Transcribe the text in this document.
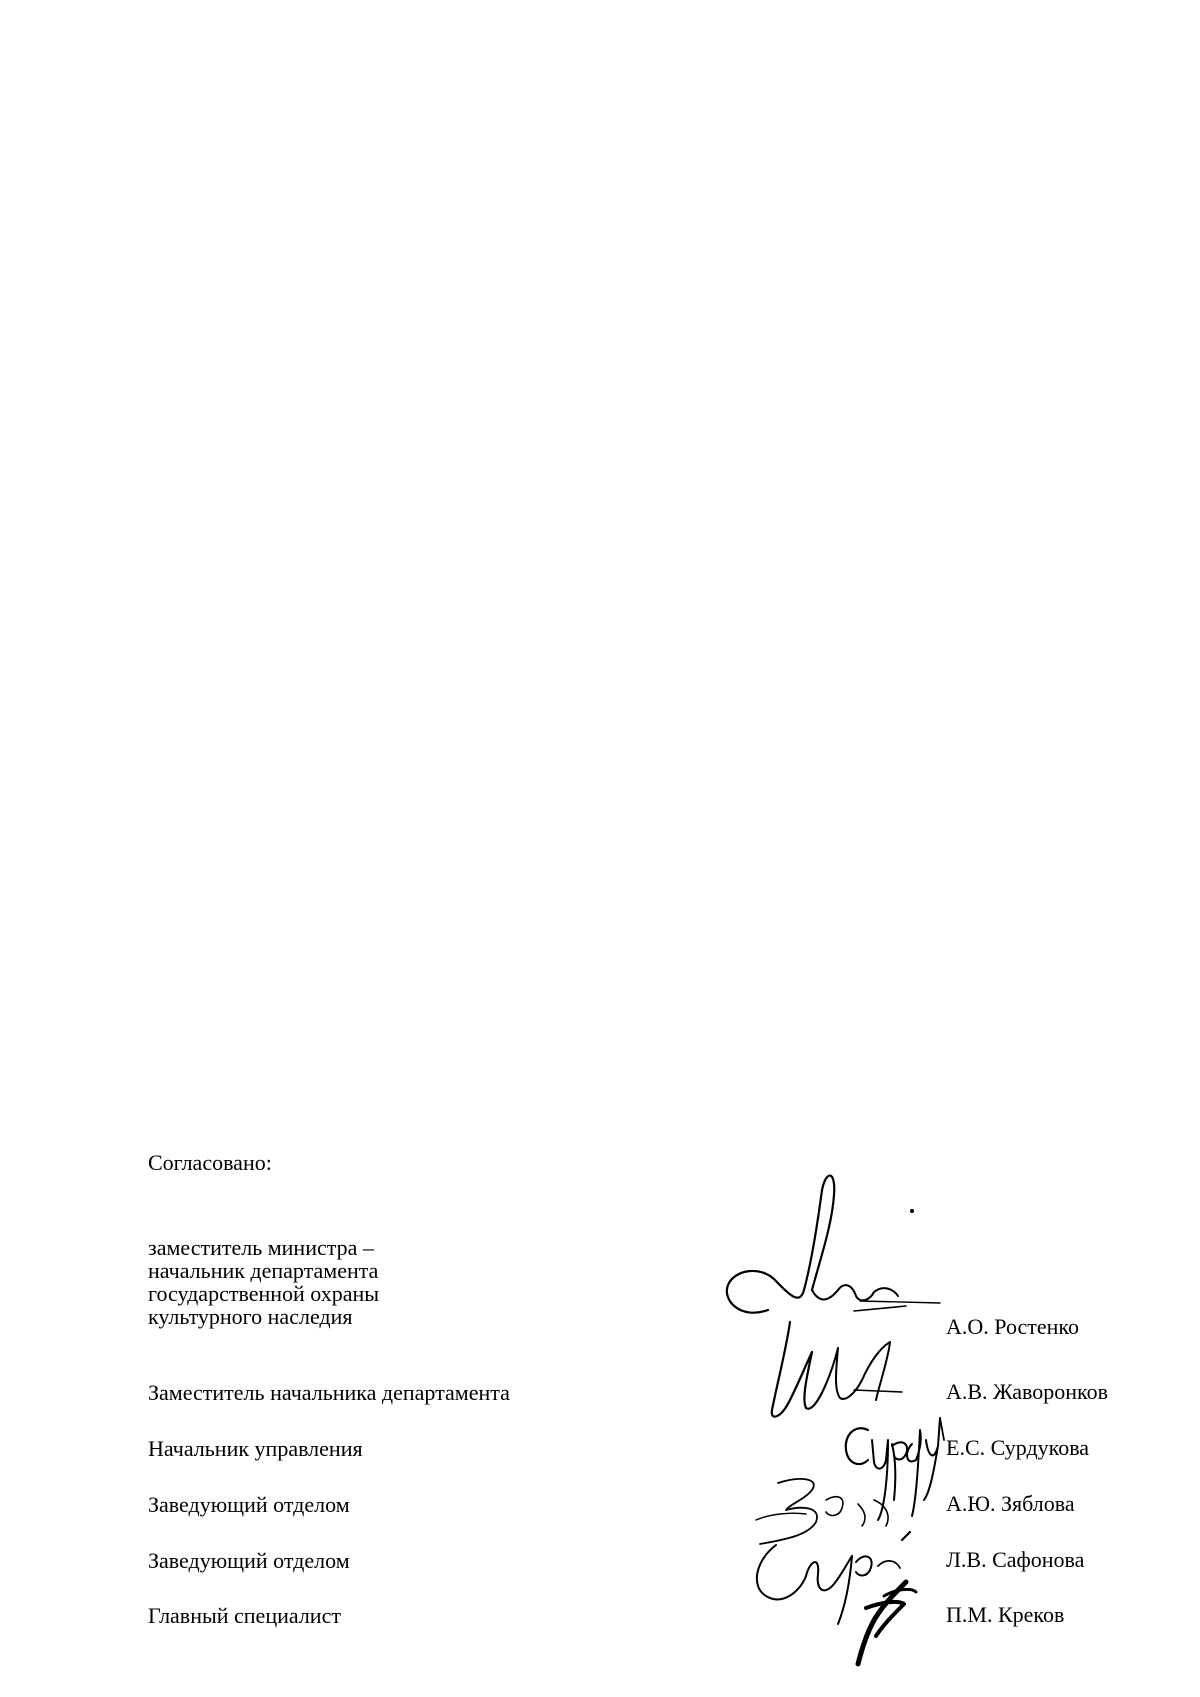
Согласовано:
заместитель министра –
начальник департамента
государственной охраны
культурного наследия	А.О. Ростенко
Заместитель начальника департамента	А.В. Жаворонков
Начальник управления	Е.С. Сурдукова
Заведующий отделом	А.Ю. Зяблова
Заведующий отделом	Л.В. Сафонова
Главный специалист	П.М. Креков
